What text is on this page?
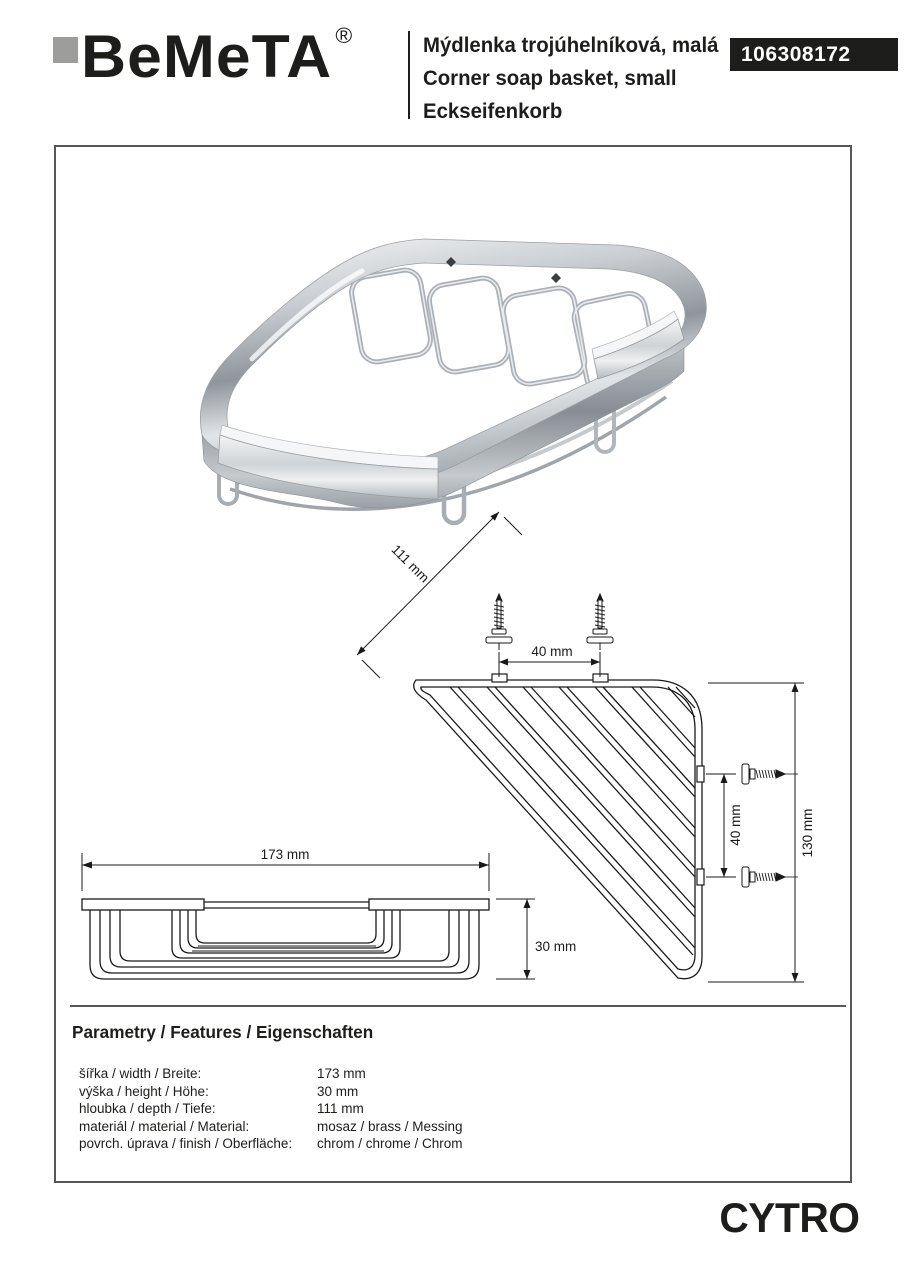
BeMeTA ®	Mýdlenka trojúhelníková, malá
Corner soap basket, small
Eckseifenkorb
106308172
111 mm
40 mm
40 mm	130 mm
173 mm
30 mm
Parametry / Features / Eigenschaften
šířka / width / Breite:	173 mm
výška / height / Höhe:	30 mm
hloubka / depth / Tiefe:	111 mm
materiál / material / Material:	mosaz / brass / Messing
povrch. úprava / finish / Oberfläche:	chrom / chrome / Chrom
CYTRO
